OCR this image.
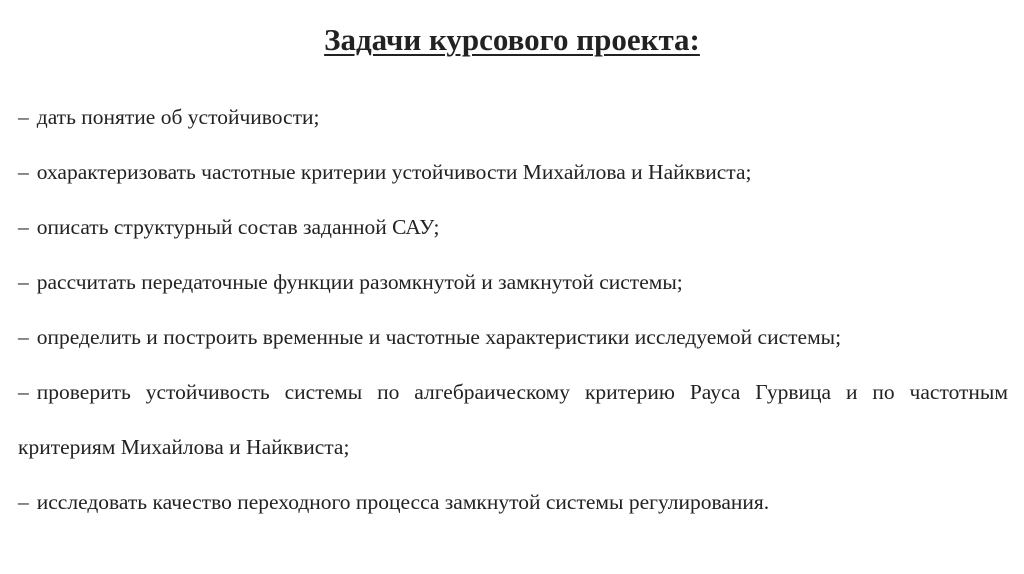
Задачи курсового проекта:
– дать понятие об устойчивости;
– охарактеризовать частотные критерии устойчивости Михайлова и Найквиста;
– описать структурный состав заданной САУ;
– рассчитать передаточные функции разомкнутой и замкнутой системы;
– определить и построить временные и частотные характеристики исследуемой системы;
– проверить устойчивость системы по алгебраическому критерию Рауса Гурвица и по частотным критериям Михайлова и Найквиста;
– исследовать качество переходного процесса замкнутой системы регулирования.
